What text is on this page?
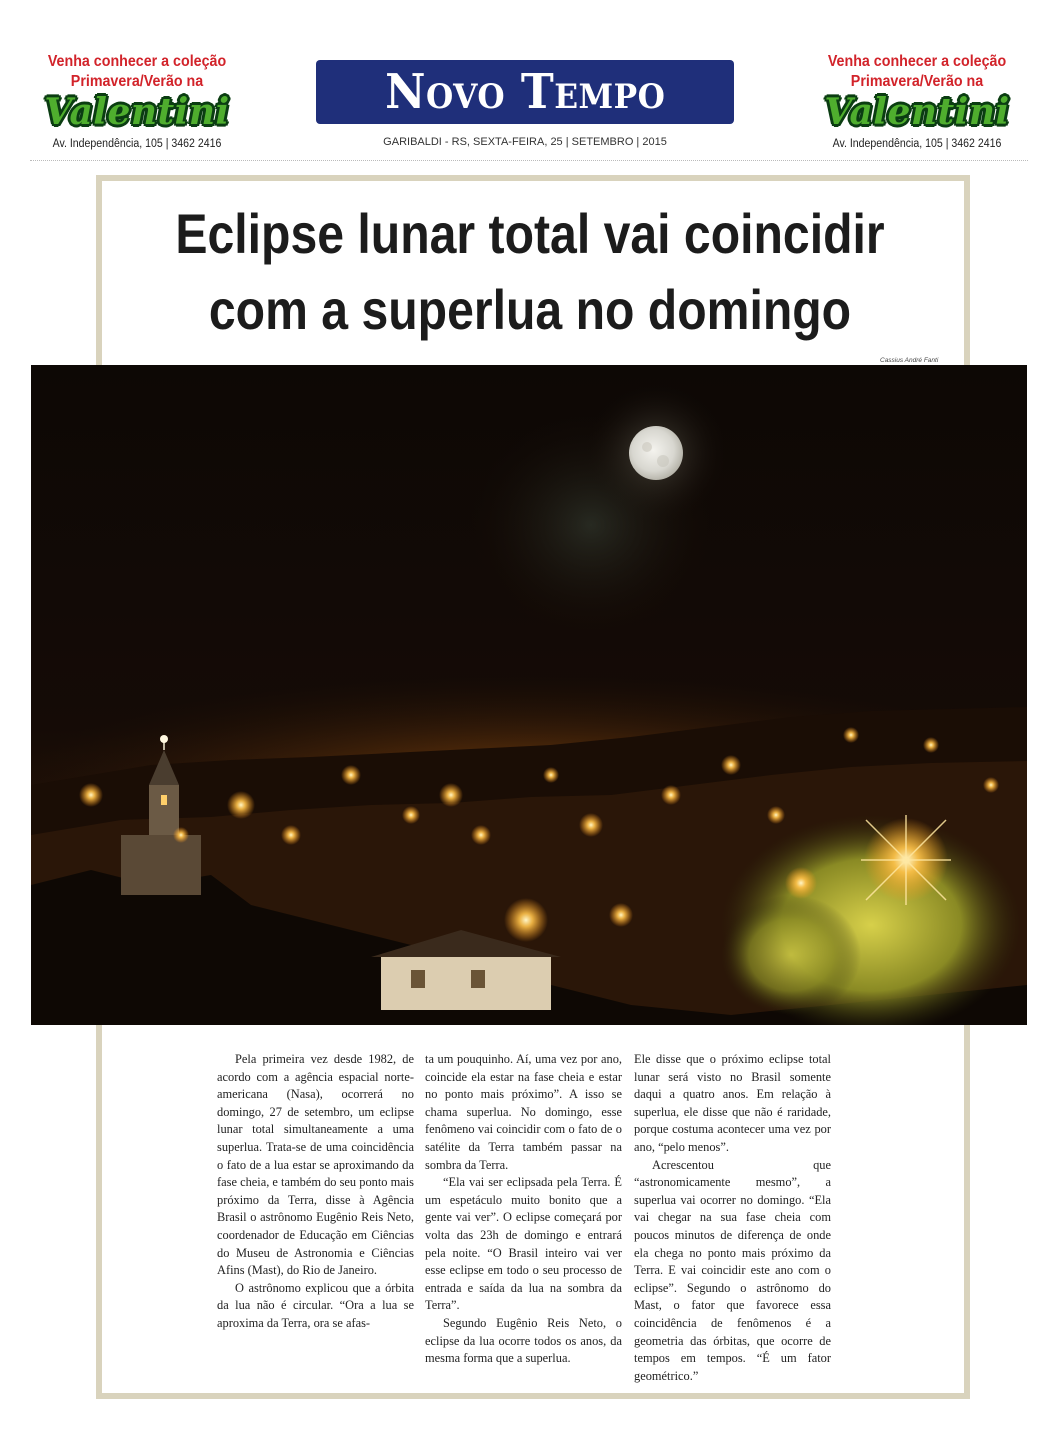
Venha conhecer a coleção
Primavera/Verão na
Valentini
Av. Independência, 105 | 3462 2416
Novo Tempo
GARIBALDI - RS, SEXTA-FEIRA, 25 | SETEMBRO | 2015
Venha conhecer a coleção
Primavera/Verão na
Valentini
Av. Independência, 105 | 3462 2416
Eclipse lunar total vai coincidir
com a superlua no domingo
Cassius André Fanti

Pela primeira vez desde 1982, de acordo com a agência espacial norte-americana (Nasa), ocorrerá no domingo, 27 de setembro, um eclipse lunar total simultaneamente a uma superlua. Trata-se de uma coincidência o fato de a lua estar se aproximando da fase cheia, e também do seu ponto mais próximo da Terra, disse à Agência Brasil o astrônomo Eugênio Reis Neto, coordenador de Educação em Ciências do Museu de Astronomia e Ciências Afins (Mast), do Rio de Janeiro.

O astrônomo explicou que a órbita da lua não é circular. “Ora a lua se aproxima da Terra, ora se afas-

ta um pouquinho. Aí, uma vez por ano, coincide ela estar na fase cheia e estar no ponto mais próximo”. A isso se chama superlua. No domingo, esse fenômeno vai coincidir com o fato de o satélite da Terra também passar na sombra da Terra.

“Ela vai ser eclipsada pela Terra. É um espetáculo muito bonito que a gente vai ver”. O eclipse começará por volta das 23h de domingo e entrará pela noite. “O Brasil inteiro vai ver esse eclipse em todo o seu processo de entrada e saída da lua na sombra da Terra”.

Segundo Eugênio Reis Neto, o eclipse da lua ocorre todos os anos, da mesma forma que a superlua.

Ele disse que o próximo eclipse total lunar será visto no Brasil somente daqui a quatro anos. Em relação à superlua, ele disse que não é raridade, porque costuma acontecer uma vez por ano, “pelo menos”.

Acrescentou que “astronomicamente mesmo”, a superlua vai ocorrer no domingo. “Ela vai chegar na sua fase cheia com poucos minutos de diferença de onde ela chega no ponto mais próximo da Terra. E vai coincidir este ano com o eclipse”. Segundo o astrônomo do Mast, o fator que favorece essa coincidência de fenômenos é a geometria das órbitas, que ocorre de tempos em tempos. “É um fator geométrico.”
